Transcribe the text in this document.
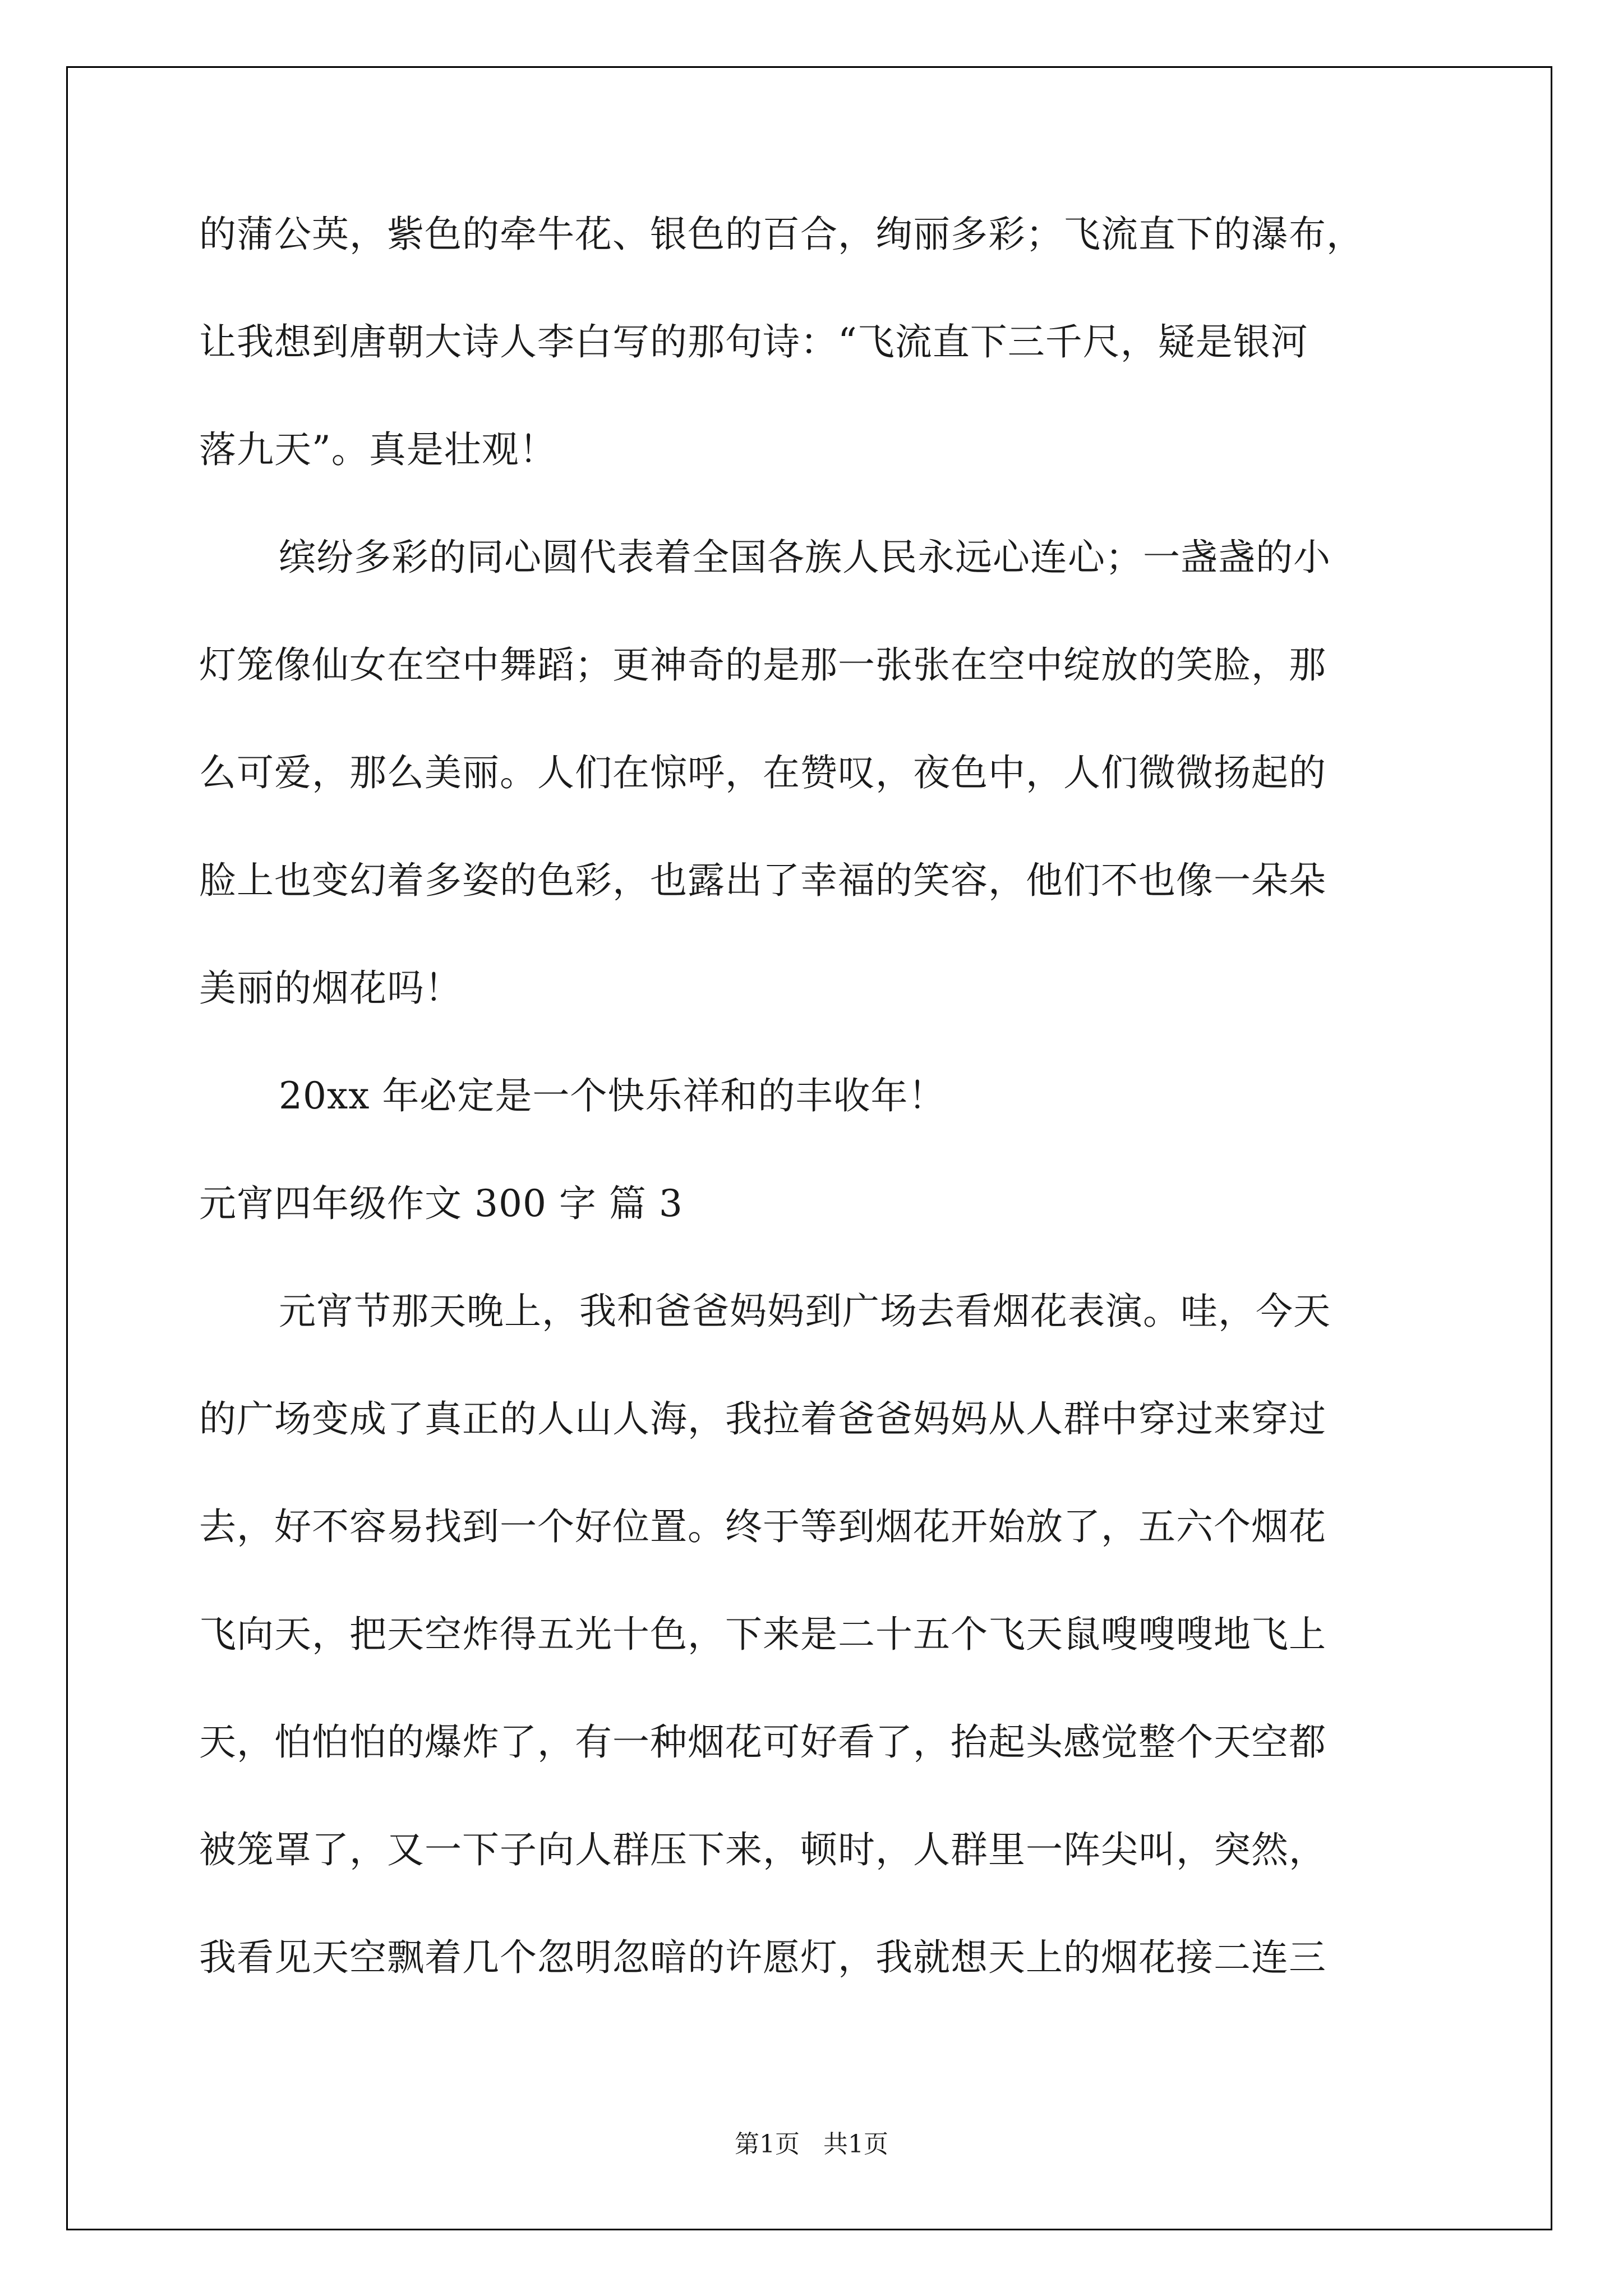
的蒲公英，紫色的牵牛花、银色的百合，绚丽多彩；飞流直下的瀑布，
让我想到唐朝大诗人李白写的那句诗：“飞流直下三千尺，疑是银河
落九天”。真是壮观！
缤纷多彩的同心圆代表着全国各族人民永远心连心；一盏盏的小
灯笼像仙女在空中舞蹈；更神奇的是那一张张在空中绽放的笑脸，那
么可爱，那么美丽。人们在惊呼，在赞叹，夜色中，人们微微扬起的
脸上也变幻着多姿的色彩，也露出了幸福的笑容，他们不也像一朵朵
美丽的烟花吗！
20xx 年必定是一个快乐祥和的丰收年！
元宵四年级作文 300 字 篇 3
元宵节那天晚上，我和爸爸妈妈到广场去看烟花表演。哇，今天
的广场变成了真正的人山人海，我拉着爸爸妈妈从人群中穿过来穿过
去，好不容易找到一个好位置。终于等到烟花开始放了，五六个烟花
飞向天，把天空炸得五光十色，下来是二十五个飞天鼠嗖嗖嗖地飞上
天，怕怕怕的爆炸了，有一种烟花可好看了，抬起头感觉整个天空都
被笼罩了，又一下子向人群压下来，顿时，人群里一阵尖叫，突然，
我看见天空飘着几个忽明忽暗的许愿灯，我就想天上的烟花接二连三
第1页   共1页
